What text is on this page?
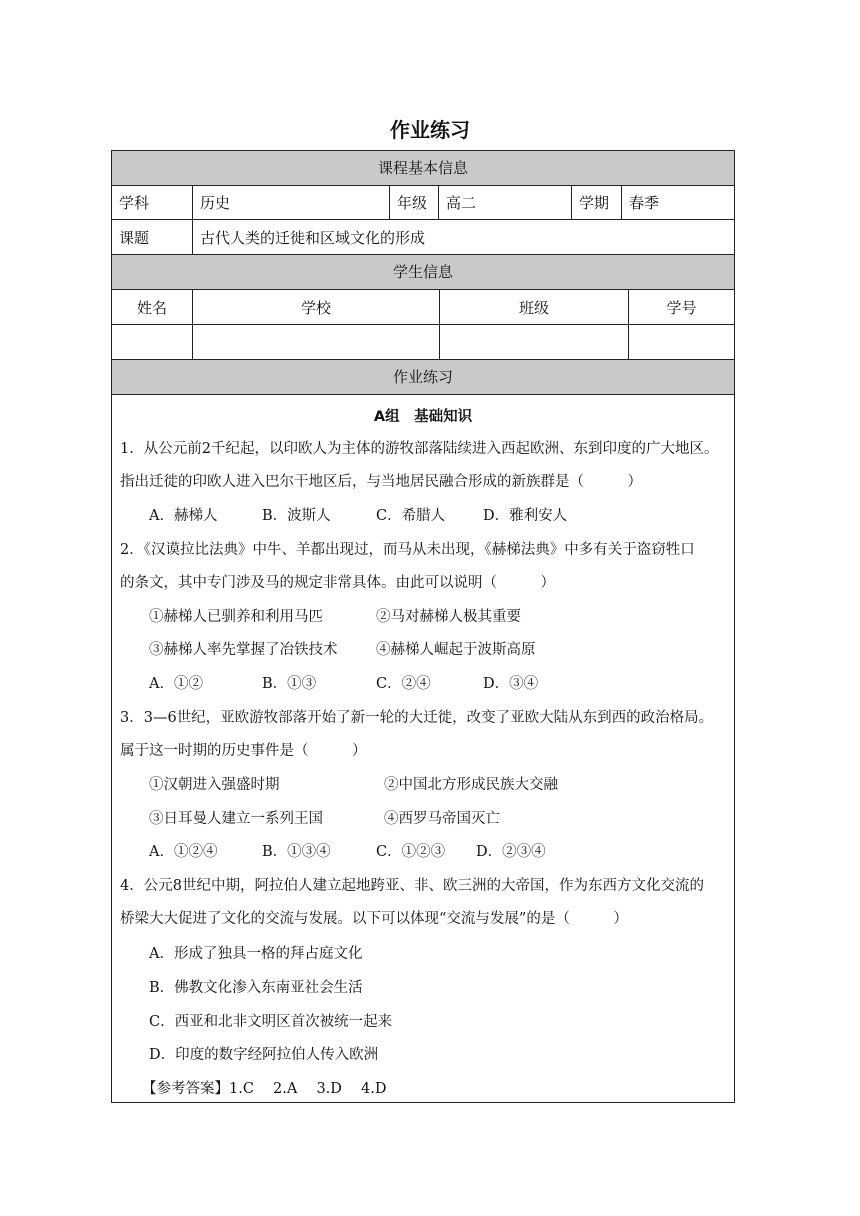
作业练习
课程基本信息
学科	历史	年级	高二	学期	春季
课题	古代人类的迁徙和区域文化的形成
学生信息
姓名	学校	班级	学号
作业练习
A组　基础知识
1．从公元前2千纪起，以印欧人为主体的游牧部落陆续进入西起欧洲、东到印度的广大地区。
指出迁徙的印欧人进入巴尔干地区后，与当地居民融合形成的新族群是（　　　）
A．赫梯人	B．波斯人	C．希腊人	D．雅利安人
2．《汉谟拉比法典》中牛、羊都出现过，而马从未出现，《赫梯法典》中多有关于盗窃牲口
的条文，其中专门涉及马的规定非常具体。由此可以说明（　　　）
①赫梯人已驯养和利用马匹	②马对赫梯人极其重要
③赫梯人率先掌握了冶铁技术	④赫梯人崛起于波斯高原
A．①②	B．①③	C．②④	D．③④
3．3—6世纪，亚欧游牧部落开始了新一轮的大迁徙，改变了亚欧大陆从东到西的政治格局。
属于这一时期的历史事件是（　　　）
①汉朝进入强盛时期	②中国北方形成民族大交融
③日耳曼人建立一系列王国	④西罗马帝国灭亡
A．①②④	B．①③④	C．①②③ D．②③④
4．公元8世纪中期，阿拉伯人建立起地跨亚、非、欧三洲的大帝国，作为东西方文化交流的
桥梁大大促进了文化的交流与发展。以下可以体现“交流与发展”的是（　　　）
A．形成了独具一格的拜占庭文化
B．佛教文化渗入东南亚社会生活
C．西亚和北非文明区首次被统一起来
D．印度的数字经阿拉伯人传入欧洲
【参考答案】1.C　 2.A　 3.D　 4.D
